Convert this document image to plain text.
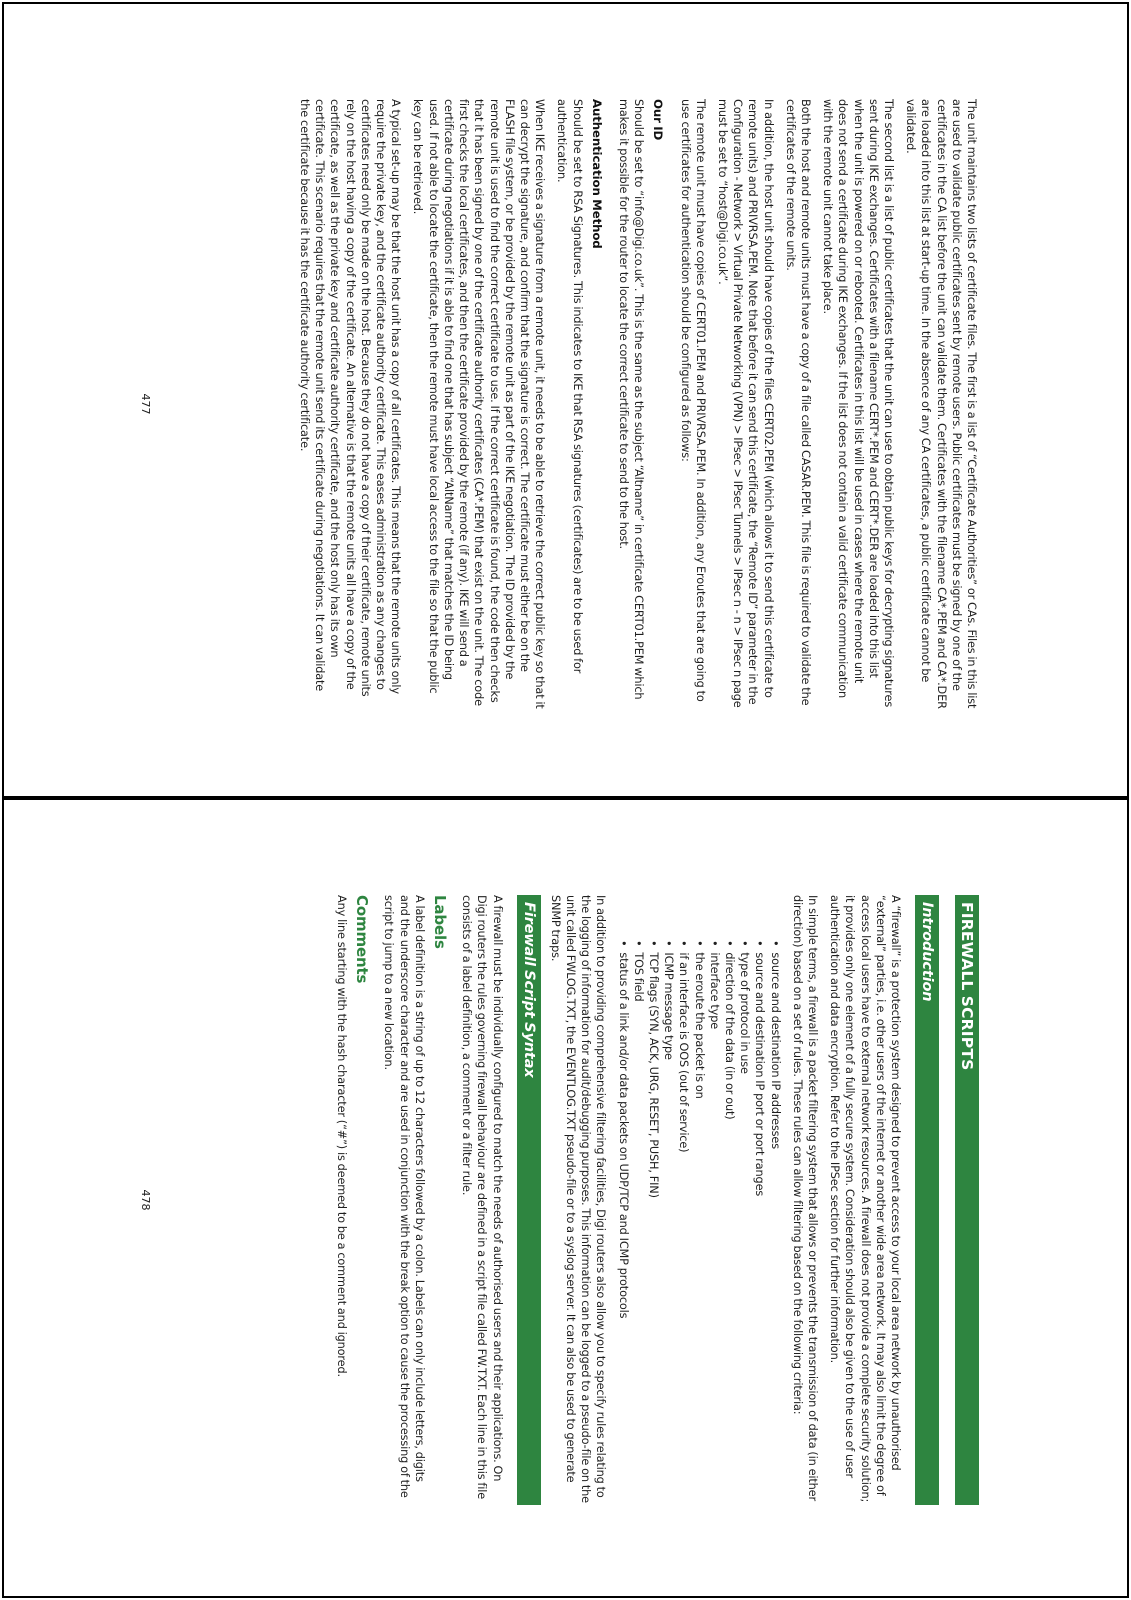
The unit maintains two lists of certificate files. The first is a list of “Certificate Authorities” or CAs. Files in this list are used to validate public certificates sent by remote users. Public certificates must be signed by one of the certificates in the CA list before the unit can validate them. Certificates with the filename CA*.PEM and CA*.DER are loaded into this list at start-up time. In the absence of any CA certificates, a public certificate cannot be validated.

The second list is a list of public certificates that the unit can use to obtain public keys for decrypting signatures sent during IKE exchanges. Certificates with a filename CERT*.PEM and CERT*.DER are loaded into this list when the unit is powered on or rebooted. Certificates in this list will be used in cases where the remote unit does not send a certificate during IKE exchanges. If the list does not contain a valid certificate communication with the remote unit cannot take place.

Both the host and remote units must have a copy of a file called CASAR.PEM. This file is required to validate the certificates of the remote units.

In addition, the host unit should have copies of the files CERT02.PEM (which allows it to send this certificate to remote units) and PRIVRSA.PEM. Note that before it can send this certificate, the “Remote ID” parameter in the Configuration - Network > Virtual Private Networking (VPN) > IPsec > IPsec Tunnels > IPsec n - n > IPsec n page must be set to “host@Digi.co.uk”.

The remote unit must have copies of CERT01.PEM and PRIVRSA.PEM. In addition, any Eroutes that are going to use certificates for authentication should be configured as follows:

Our ID

Should be set to “info@Digi.co.uk”. This is the same as the subject “Altname” in certificate CERT01.PEM which makes it possible for the router to locate the correct certificate to send to the host.

Authentication Method

Should be set to RSA Signatures. This indicates to IKE that RSA signatures (certificates) are to be used for authentication.

When IKE receives a signature from a remote unit, it needs to be able to retrieve the correct public key so that it can decrypt the signature, and confirm that the signature is correct. The certificate must either be on the FLASH file system, or be provided by the remote unit as part of the IKE negotiation. The ID provided by the remote unit is used to find the correct certificate to use. If the correct certificate is found, the code then checks that it has been signed by one of the certificate authority certificates (CA*.PEM) that exist on the unit. The code first checks the local certificates, and then the certificate provided by the remote (if any). IKE will send a certificate during negotiations if it is able to find one that has subject “AltName” that matches the ID being used. If not able to locate the certificate, then the remote must have local access to the file so that the public key can be retrieved.

A typical set-up may be that the host unit has a copy of all certificates. This means that the remote units only require the private key, and the certificate authority certificate. This eases administration as any changes to certificates need only be made on the host. Because they do not have a copy of their certificate, remote units rely on the host having a copy of the certificate. An alternative is that the remote units all have a copy of the certificate, as well as the private key and certificate authority certificate, and the host only has its own certificate. This scenario requires that the remote unit send its certificate during negotiations. It can validate the certificate because it has the certificate authority certificate.

477
FIREWALL SCRIPTS
Introduction

A “firewall” is a protection system designed to prevent access to your local area network by unauthorised “external” parties, i.e. other users of the internet or another wide area network. It may also limit the degree of access local users have to external network resources. A firewall does not provide a complete security solution; it provides only one element of a fully secure system. Consideration should also be given to the use of user authentication and data encryption. Refer to the IPSec section for further information.

In simple terms, a firewall is a packet filtering system that allows or prevents the transmission of data (in either direction) based on a set of rules. These rules can allow filtering based on the following criteria:

•  source and destination IP addresses
•  source and destination IP port or port ranges
•  type of protocol in use
•  direction of the data (in or out)
•  interface type
•  the eroute the packet is on
•  if an interface is OOS (out of service)
•  ICMP message type
•  TCP flags (SYN, ACK, URG, RESET, PUSH, FIN)
•  TOS field
•  status of a link and/or data packets on UDP/TCP and ICMP protocols

In addition to providing comprehensive filtering facilities, Digi routers also allow you to specify rules relating to the logging of information for audit/debugging purposes. This information can be logged to a pseudo-file on the unit called FWLOG.TXT, the EVENTLOG.TXT pseudo-file or to a syslog server. It can also be used to generate SNMP traps.

Firewall Script Syntax

A firewall must be individually configured to match the needs of authorised users and their applications. On Digi routers the rules governing firewall behaviour are defined in a script file called FW.TXT. Each line in this file consists of a label definition, a comment or a filter rule.

Labels

A label definition is a string of up to 12 characters followed by a colon. Labels can only include letters, digits and the underscore character and are used in conjunction with the break option to cause the processing of the script to jump to a new location.

Comments

Any line starting with the hash character (“#”) is deemed to be a comment and ignored.

478
